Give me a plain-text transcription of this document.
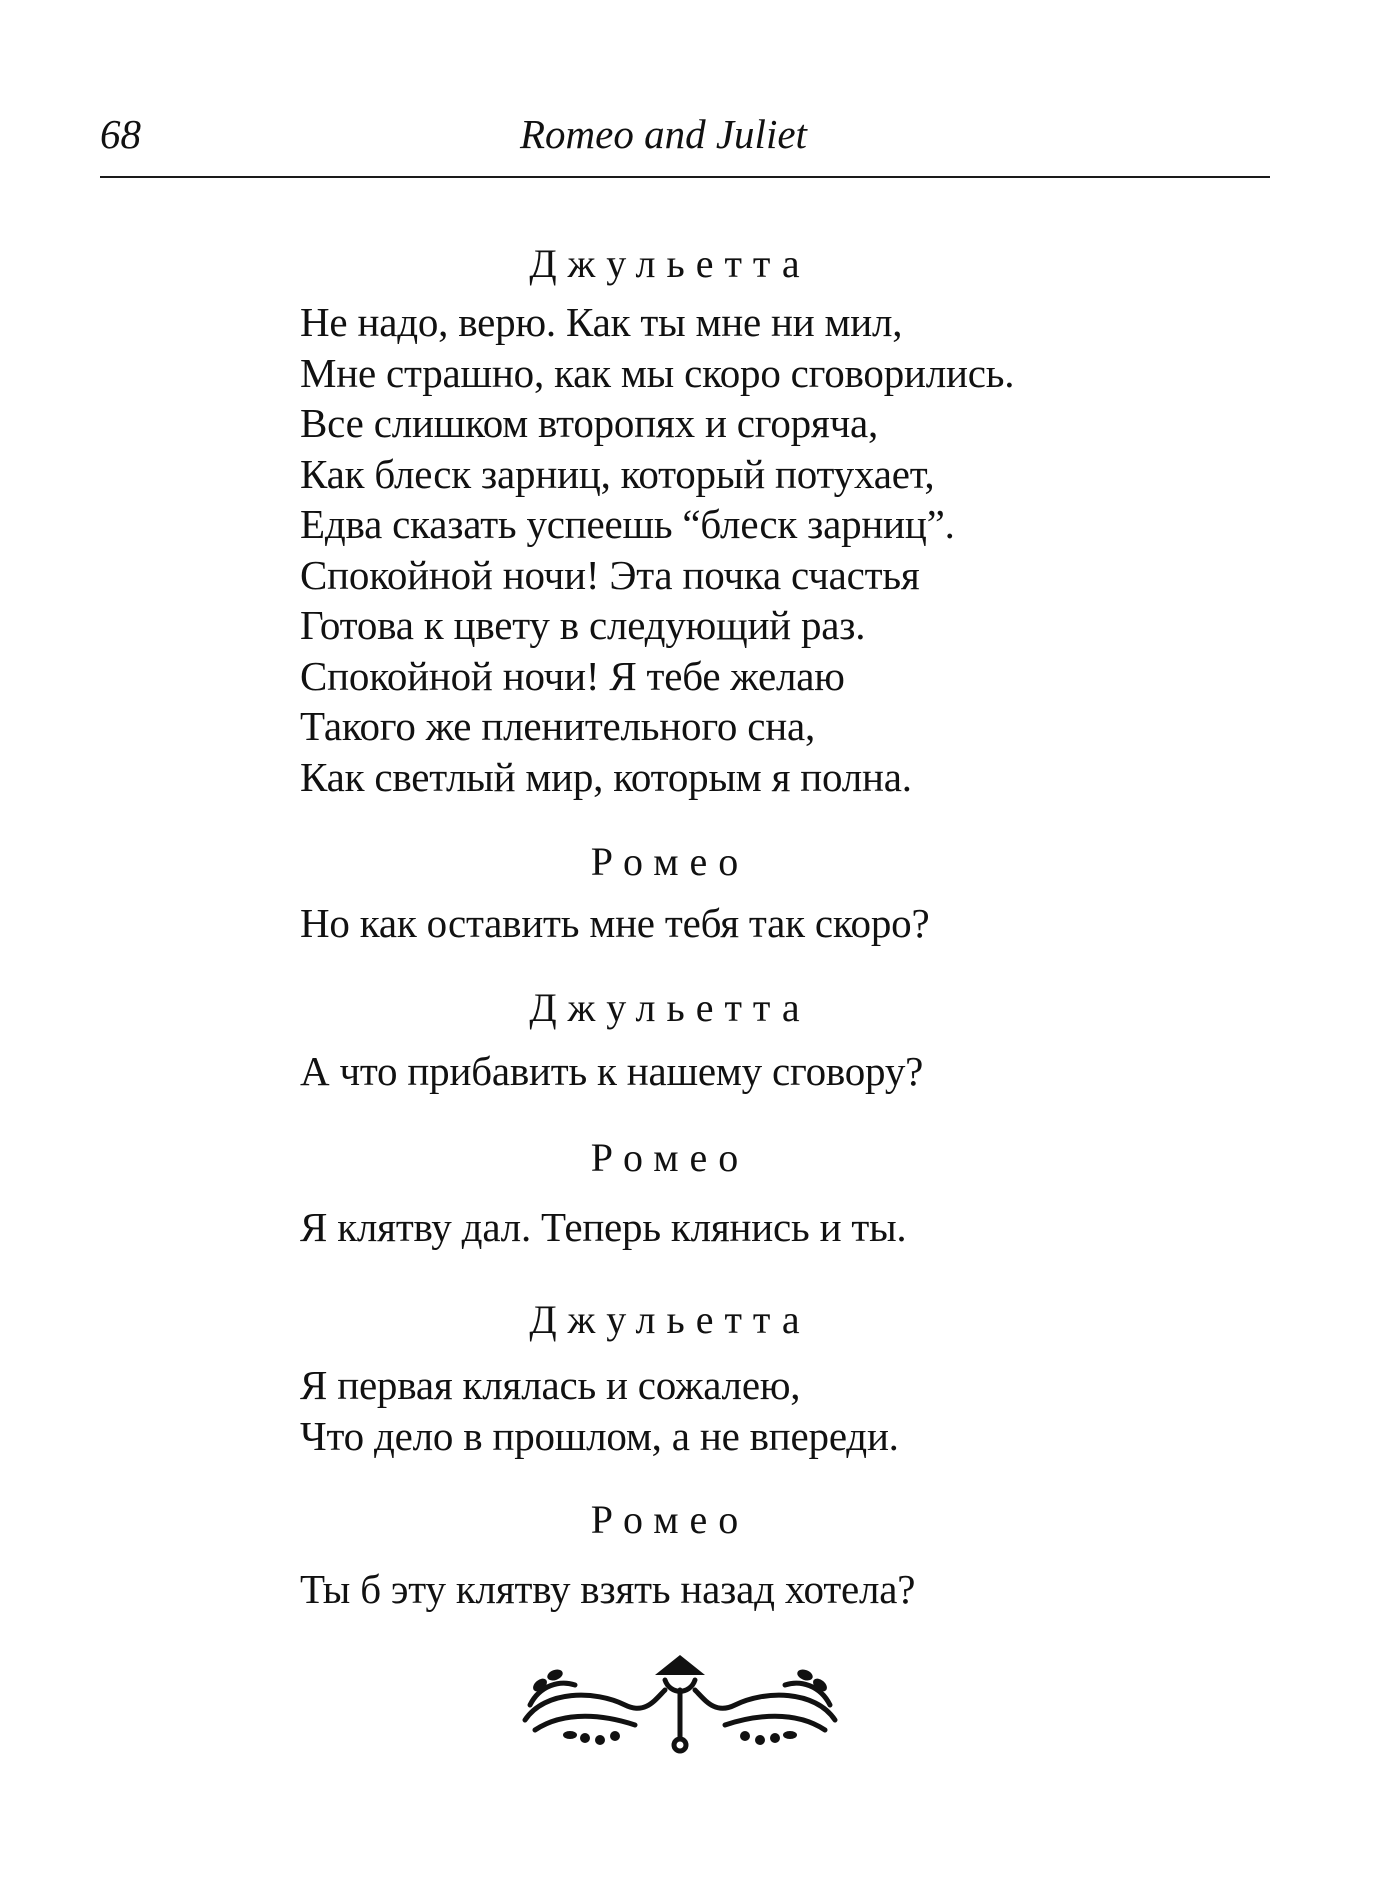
68	Romeo and Juliet
Джульетта
Не надо, верю. Как ты мне ни мил,
Мне страшно, как мы скоро сговорились.
Все слишком второпях и сгоряча,
Как блеск зарниц, который потухает,
Едва сказать успеешь “блеск зарниц”.
Спокойной ночи! Эта почка счастья
Готова к цвету в следующий раз.
Спокойной ночи! Я тебе желаю
Такого же пленительного сна,
Как светлый мир, которым я полна.
Ромео
Но как оставить мне тебя так скоро?
Джульетта
А что прибавить к нашему сговору?
Ромео
Я клятву дал. Теперь клянись и ты.
Джульетта
Я первая клялась и сожалею,
Что дело в прошлом, а не впереди.
Ромео
Ты б эту клятву взять назад хотела?
